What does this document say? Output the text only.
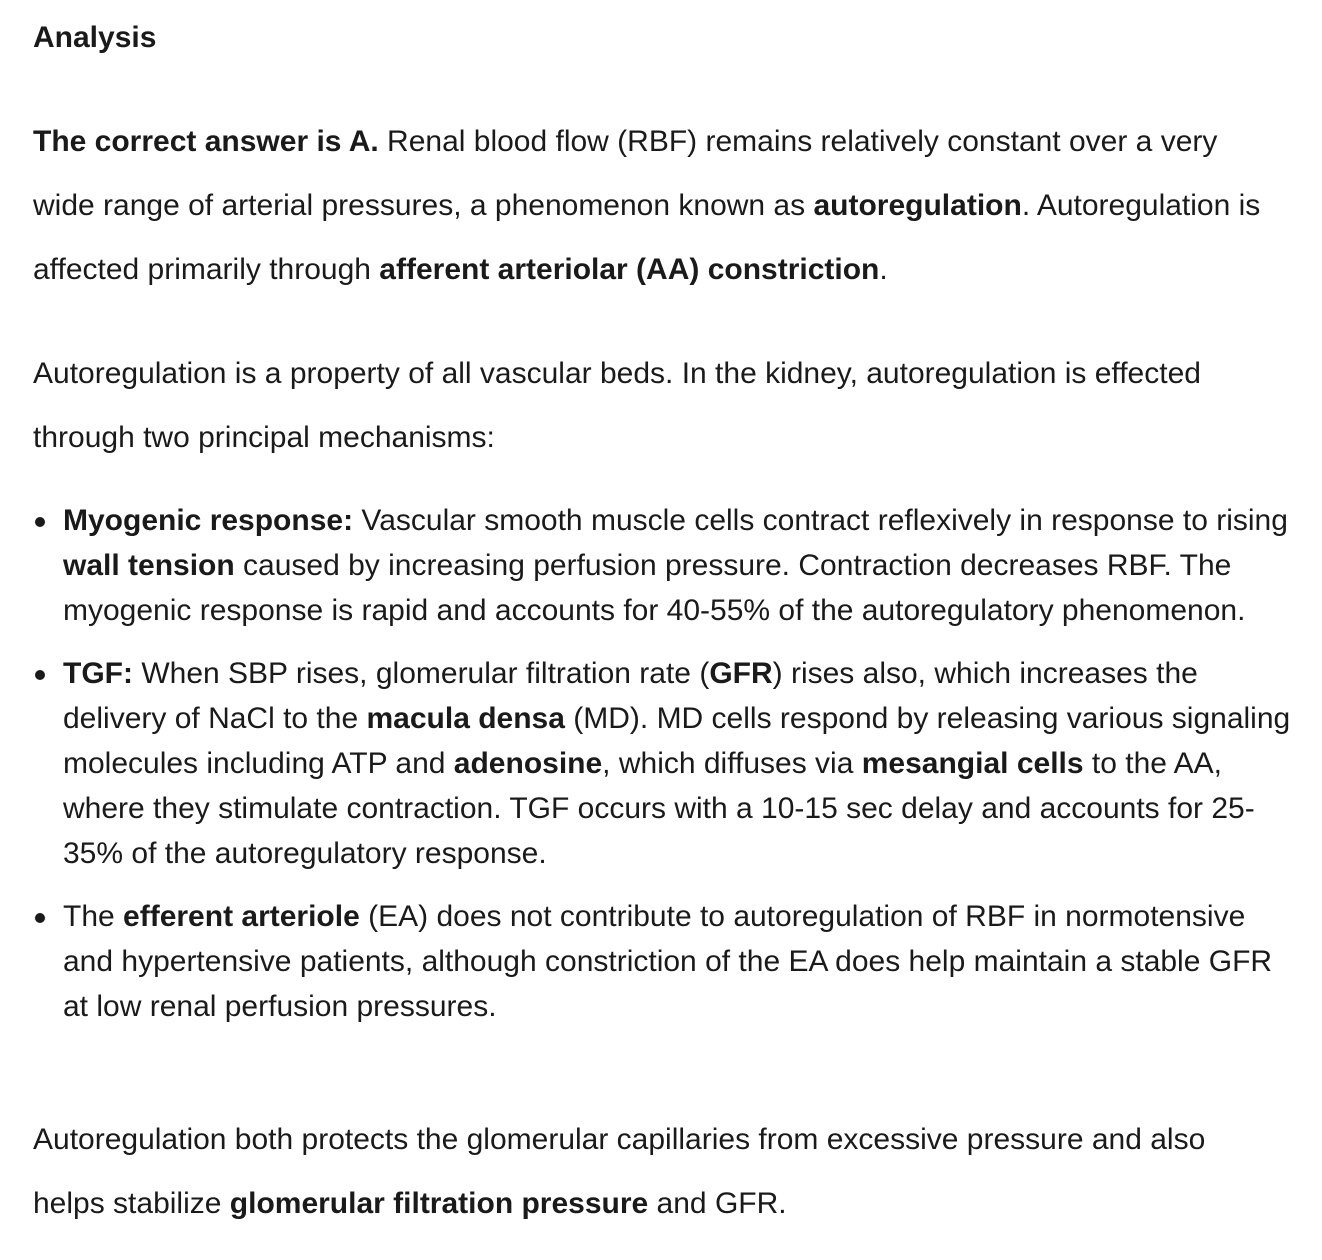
Analysis

The correct answer is A. Renal blood flow (RBF) remains relatively constant over a very wide range of arterial pressures, a phenomenon known as autoregulation. Autoregulation is affected primarily through afferent arteriolar (AA) constriction.

Autoregulation is a property of all vascular beds. In the kidney, autoregulation is effected through two principal mechanisms:

Myogenic response: Vascular smooth muscle cells contract reflexively in response to rising wall tension caused by increasing perfusion pressure. Contraction decreases RBF. The myogenic response is rapid and accounts for 40-55% of the autoregulatory phenomenon.
TGF: When SBP rises, glomerular filtration rate (GFR) rises also, which increases the delivery of NaCl to the macula densa (MD). MD cells respond by releasing various signaling molecules including ATP and adenosine, which diffuses via mesangial cells to the AA, where they stimulate contraction. TGF occurs with a 10-15 sec delay and accounts for 25-35% of the autoregulatory response.
The efferent arteriole (EA) does not contribute to autoregulation of RBF in normotensive and hypertensive patients, although constriction of the EA does help maintain a stable GFR at low renal perfusion pressures.

Autoregulation both protects the glomerular capillaries from excessive pressure and also helps stabilize glomerular filtration pressure and GFR.
